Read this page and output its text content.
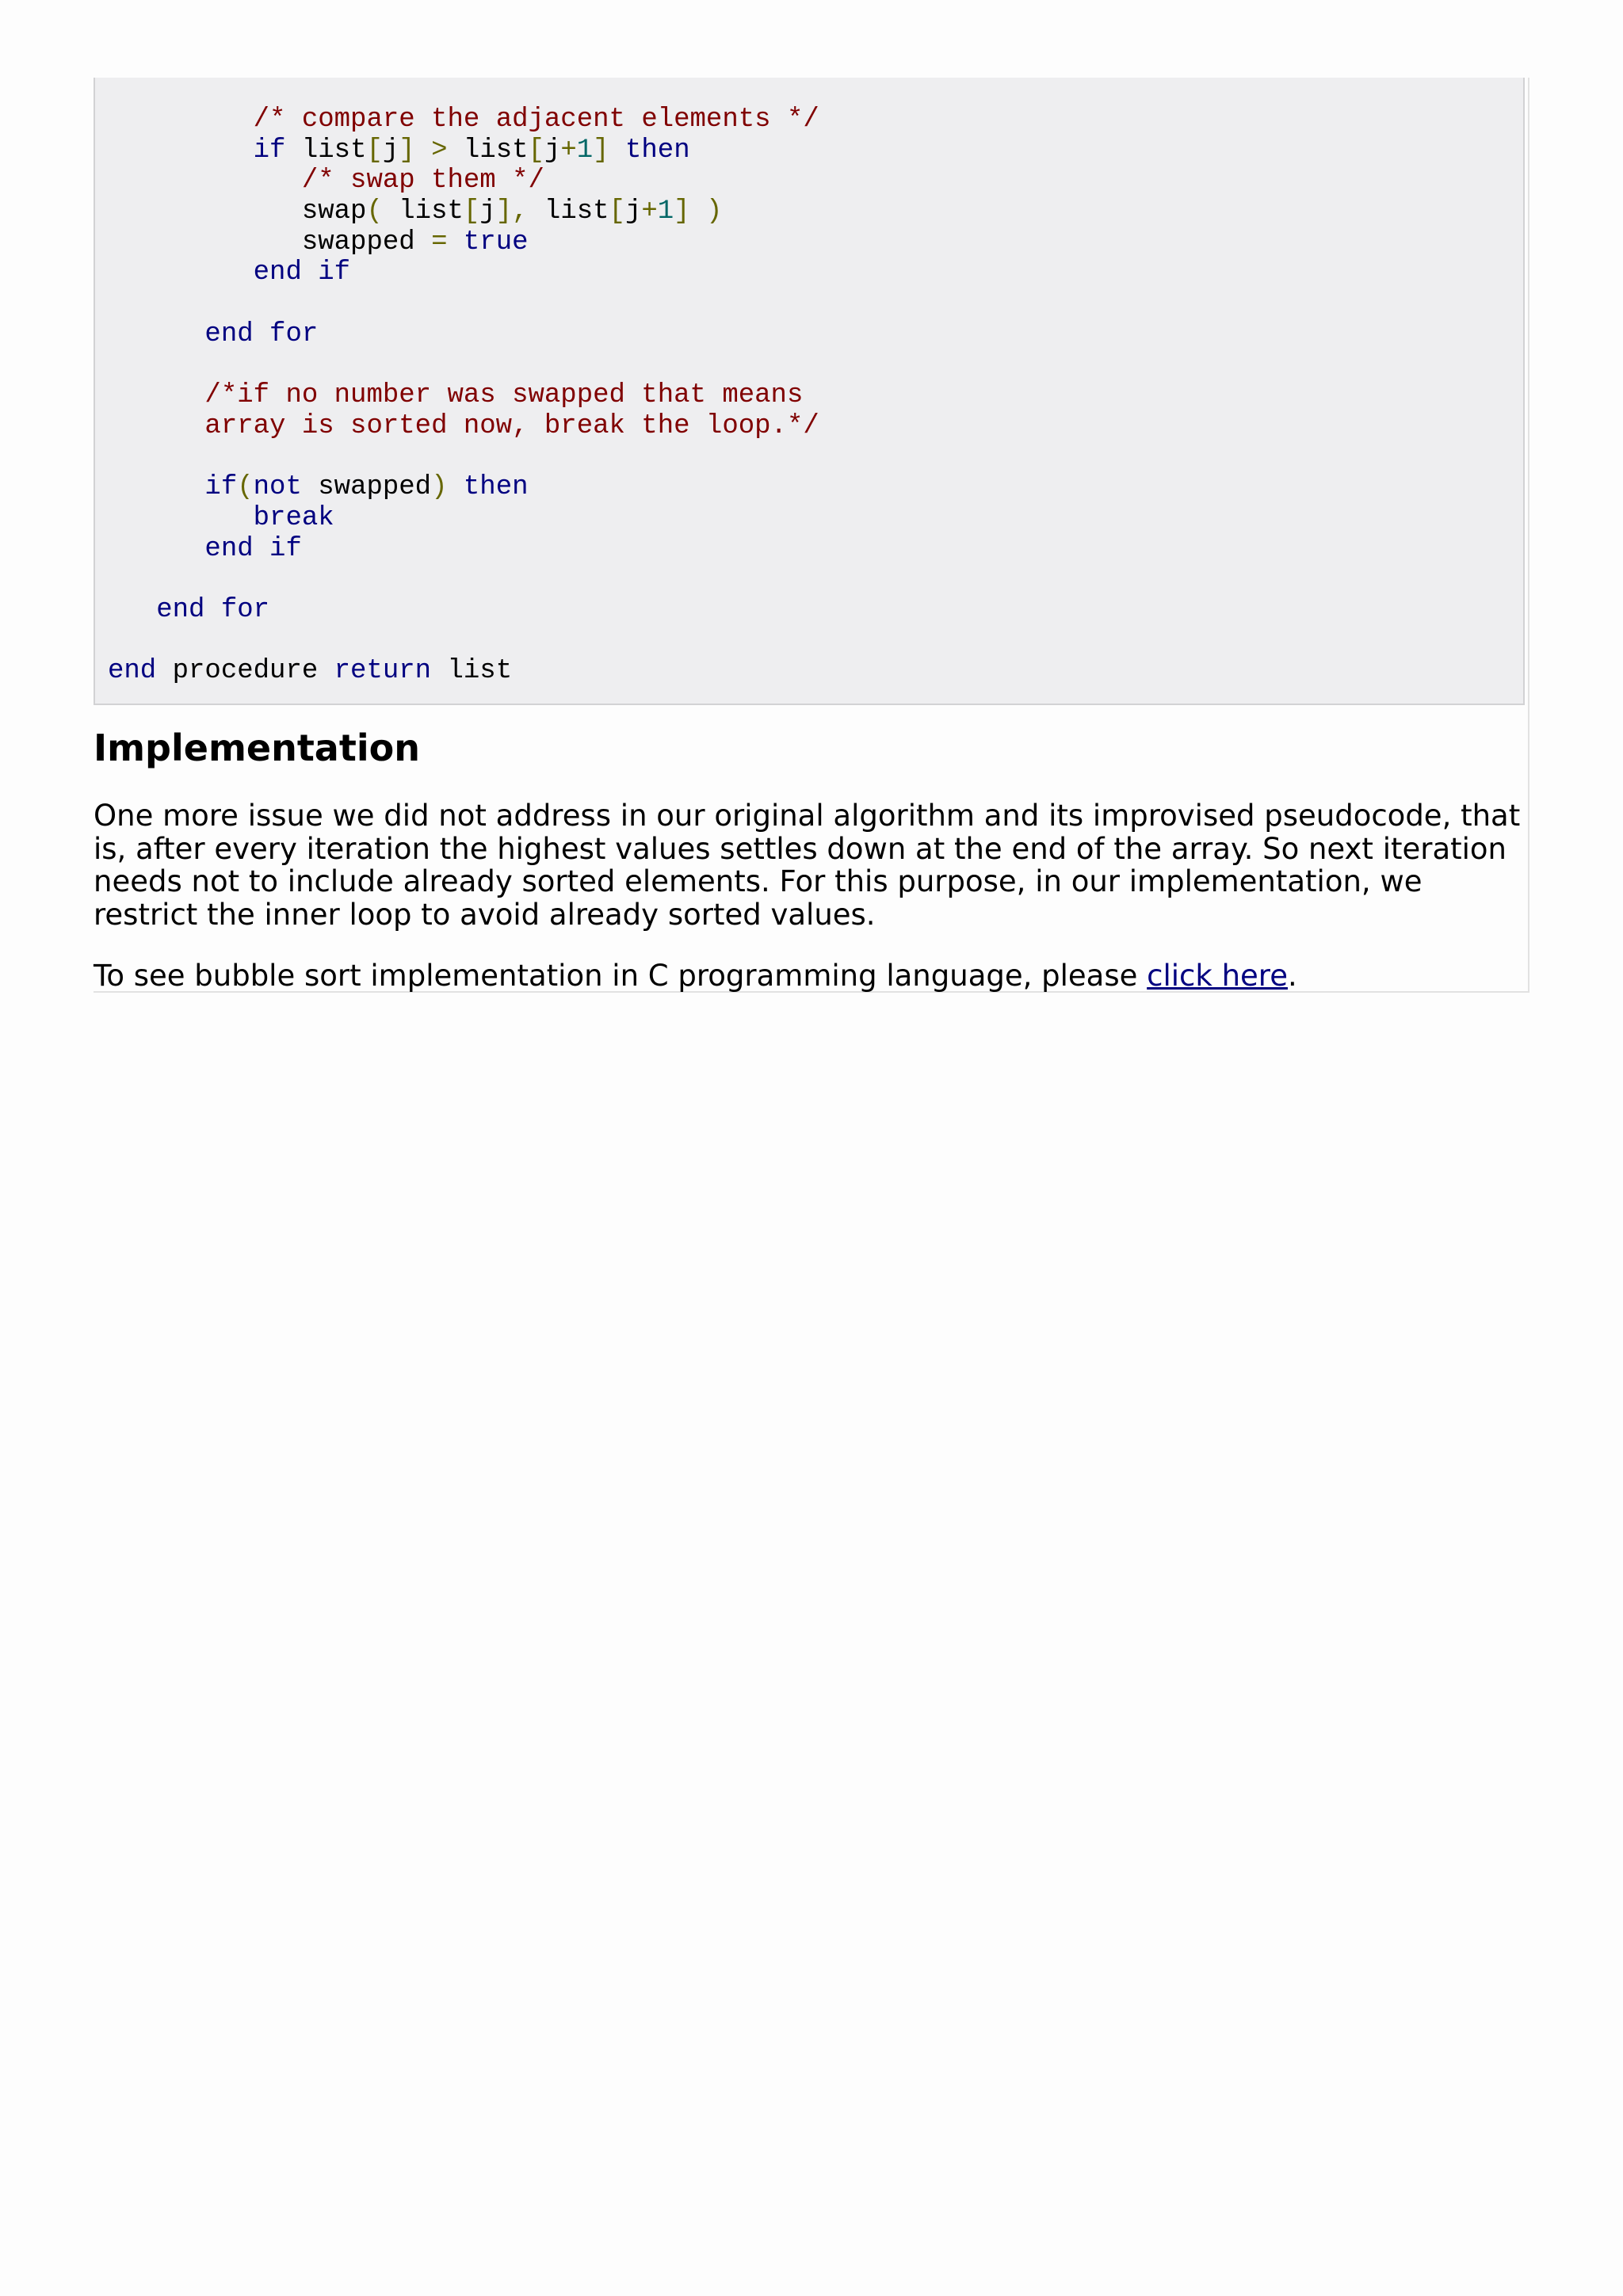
/* compare the adjacent elements */
if list[j] > list[j+1] then
/* swap them */
swap( list[j], list[j+1] )
swapped = true
end if
end for
/*if no number was swapped that means
array is sorted now, break the loop.*/
if(not swapped) then
break
end if
end for
end procedure return list
Implementation

One more issue we did not address in our original algorithm and its improvised pseudocode, that is, after every iteration the highest values settles down at the end of the array. So next iteration needs not to include already sorted elements. For this purpose, in our implementation, we restrict the inner loop to avoid already sorted values.

To see bubble sort implementation in C programming language, please click here.
